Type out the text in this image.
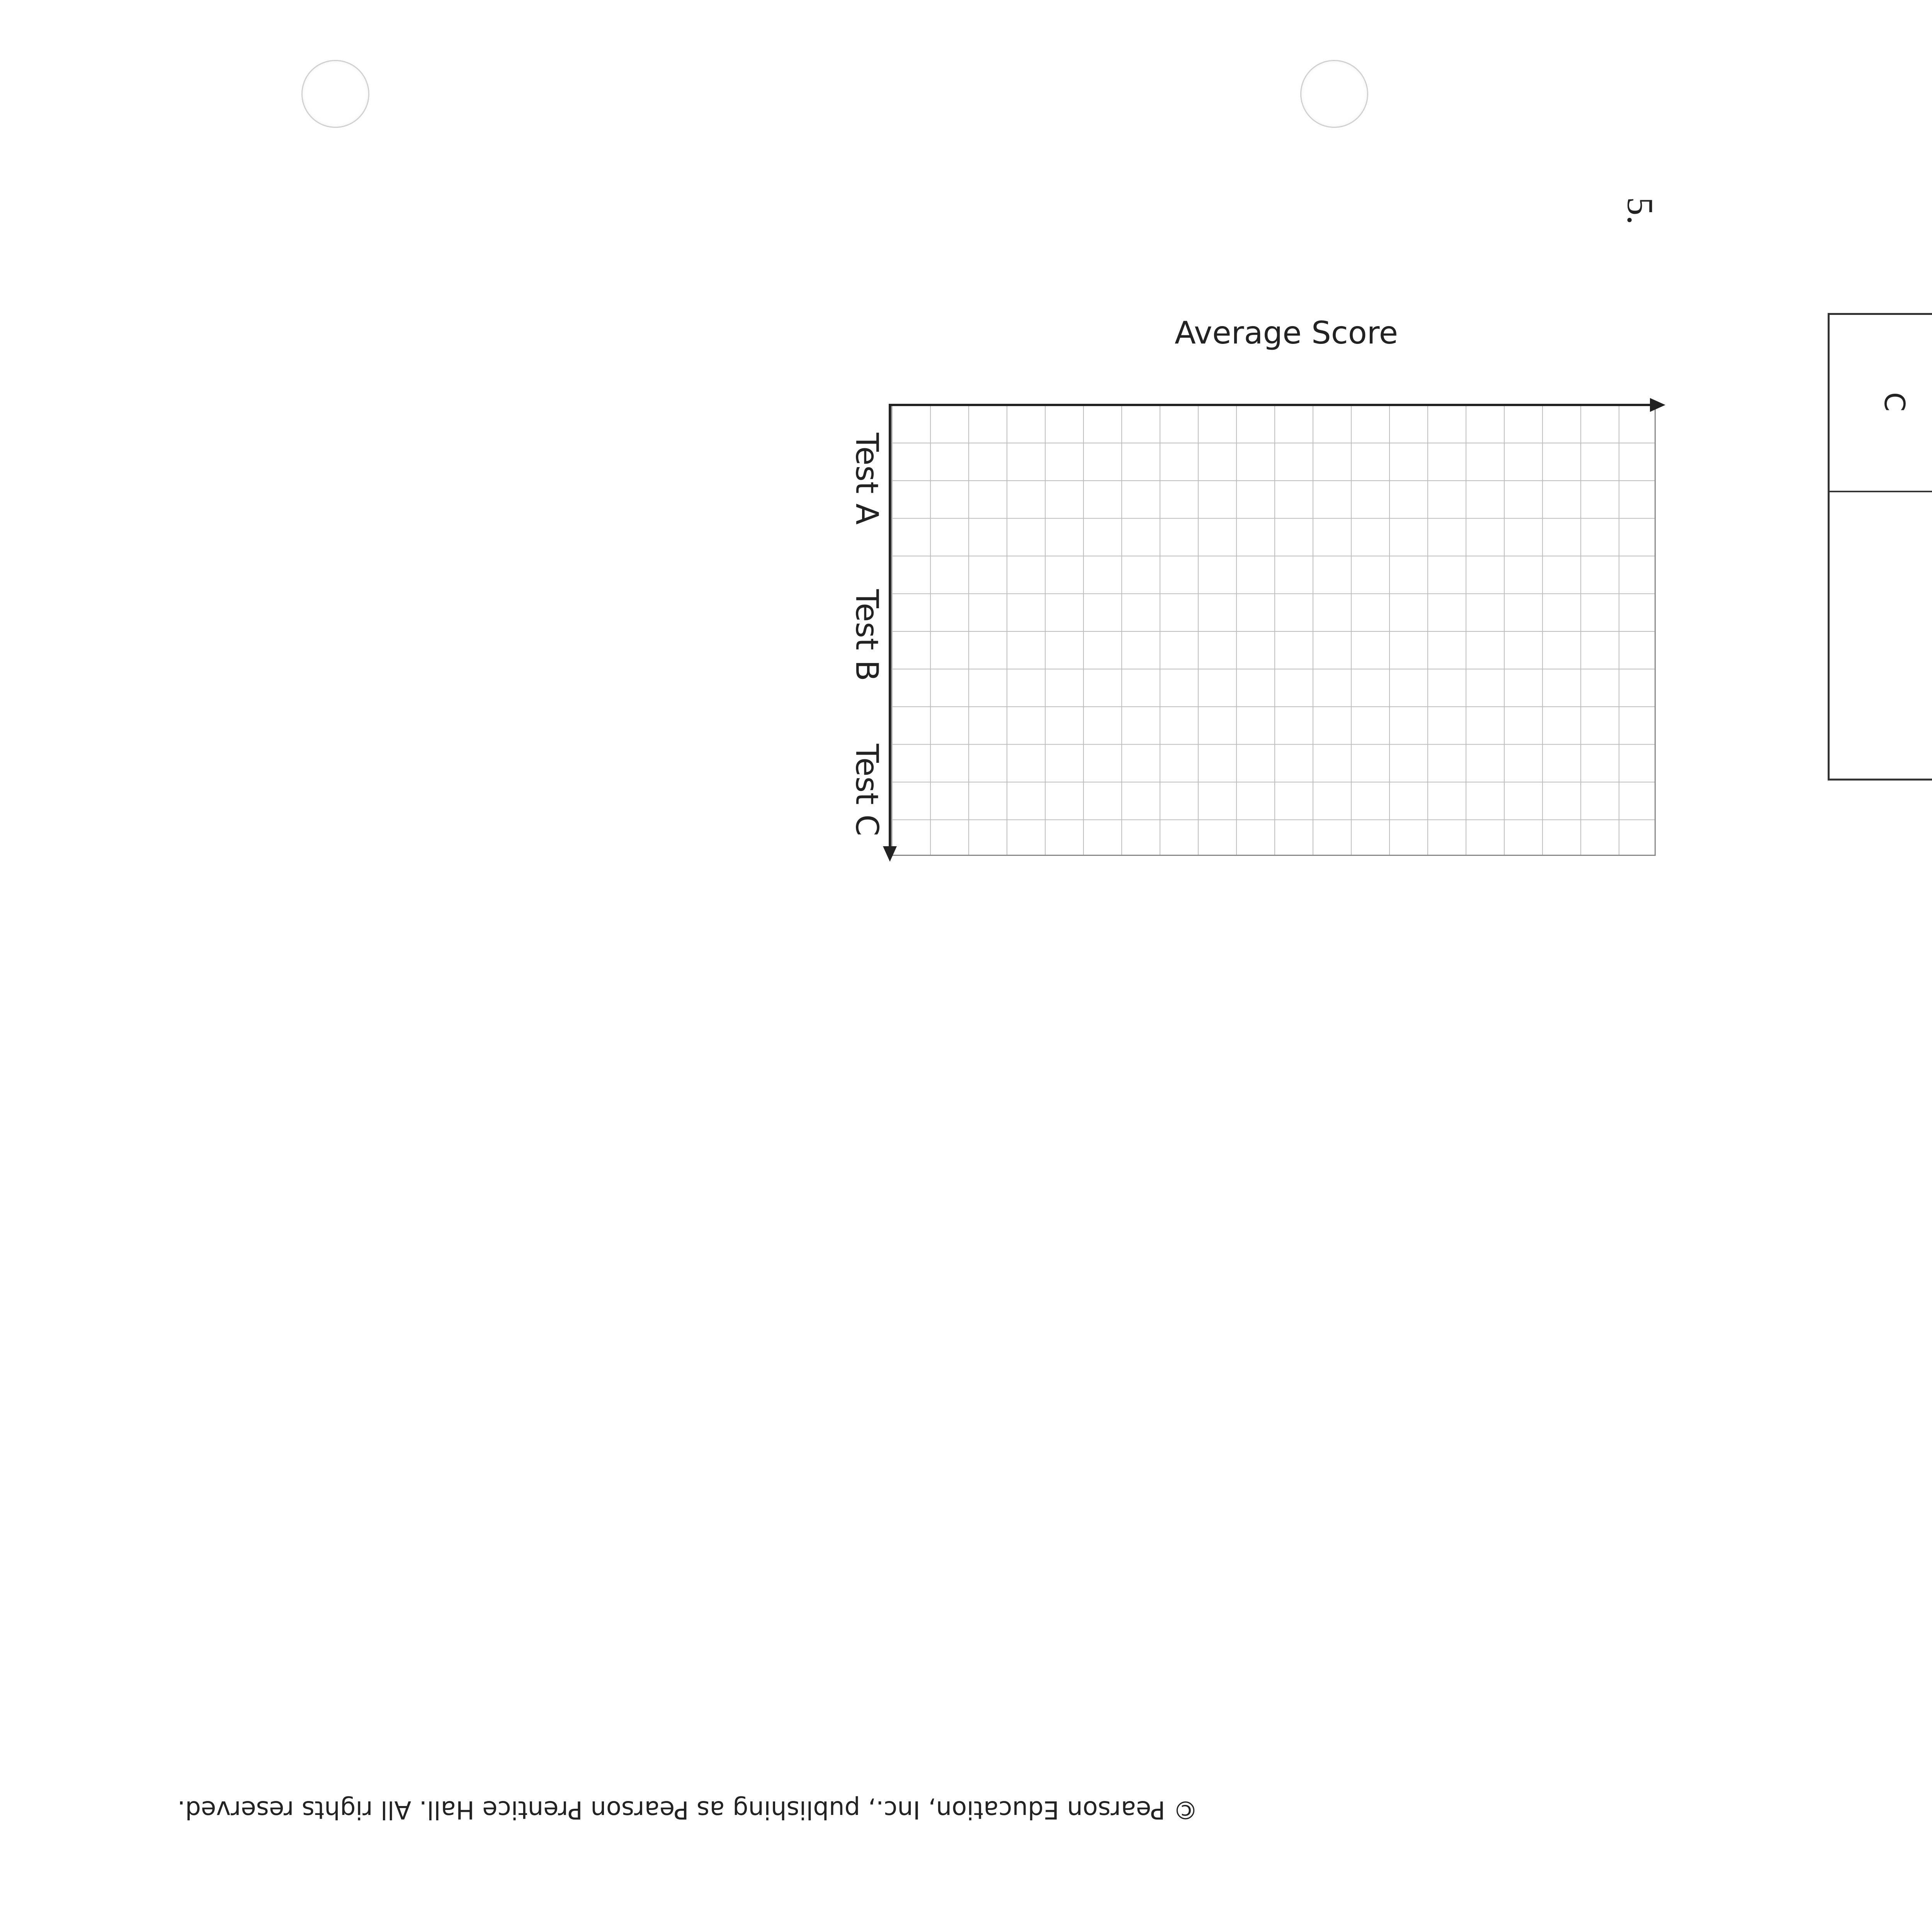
C
5.
Average Score
Test A
Test B
Test C
© Pearson Education, Inc., publishing as Pearson Prentice Hall. All rights reserved.
